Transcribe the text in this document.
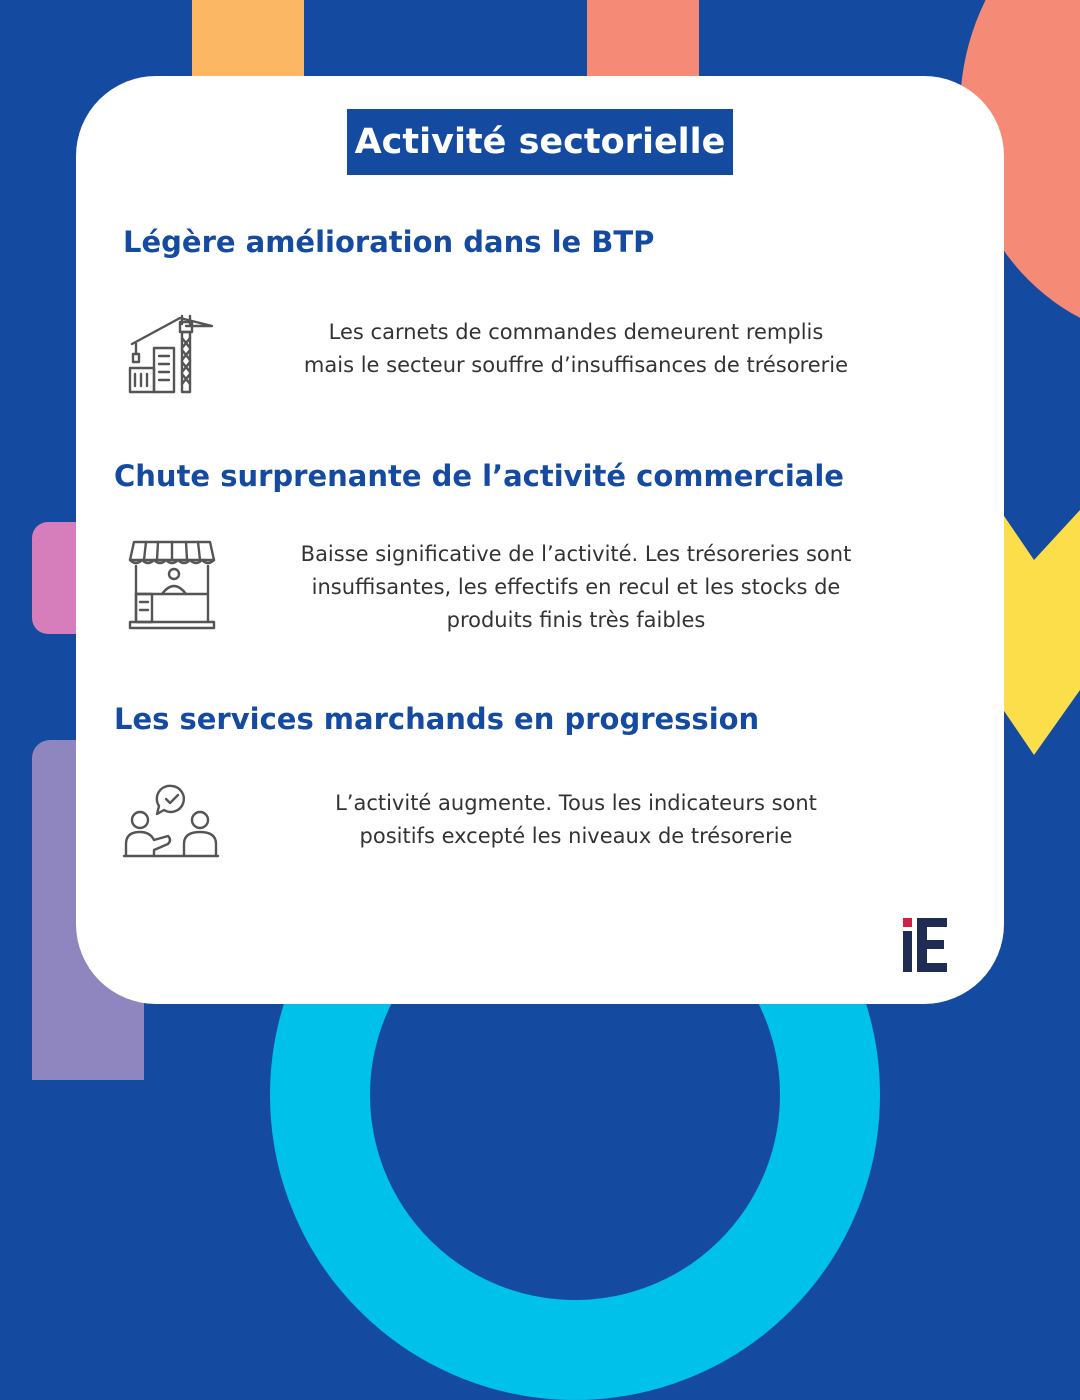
Activité sectorielle
Légère amélioration dans le BTP
Les carnets de commandes demeurent remplis
mais le secteur souffre d’insuffisances de trésorerie
Chute surprenante de l’activité commerciale
Baisse significative de l’activité. Les trésoreries sont
insuffisantes, les effectifs en recul et les stocks de
produits finis très faibles
Les services marchands en progression
L’activité augmente. Tous les indicateurs sont
positifs excepté les niveaux de trésorerie
